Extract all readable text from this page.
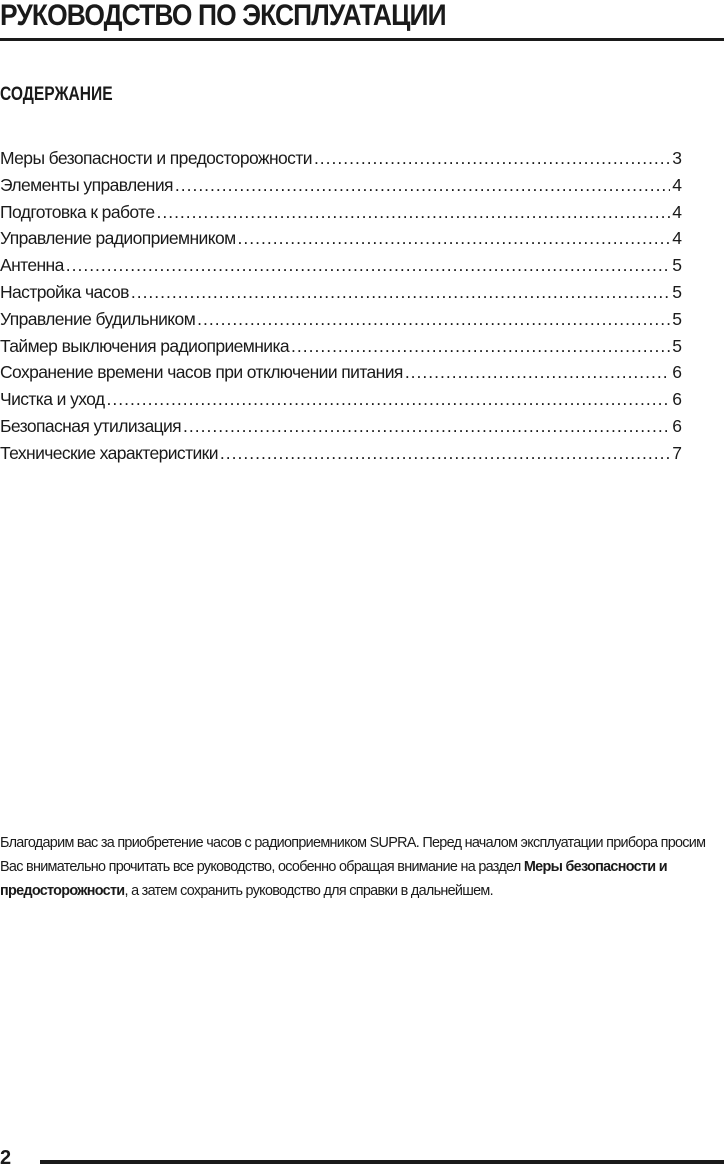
РУКОВОДСТВО ПО ЭКСПЛУАТАЦИИ
СОДЕРЖАНИЕ
Меры безопасности и предосторожности .....	3
Элементы управления .....	4
Подготовка к работе .....	4
Управление радиоприемником .....	4
Антенна .....	5
Настройка часов .....	5
Управление будильником .....	5
Таймер выключения радиоприемника .....	5
Сохранение времени часов при отключении питания .....	6
Чистка и уход .....	6
Безопасная утилизация .....	6
Технические характеристики .....	7

Благодарим вас за приобретение часов с радиоприемником SUPRA. Перед началом эксплуатации прибора просим Вас внимательно прочитать все руководство, особенно обращая внимание на раздел Меры безопасности и предосторожности, а затем сохранить руководство для справки в дальнейшем.

2
